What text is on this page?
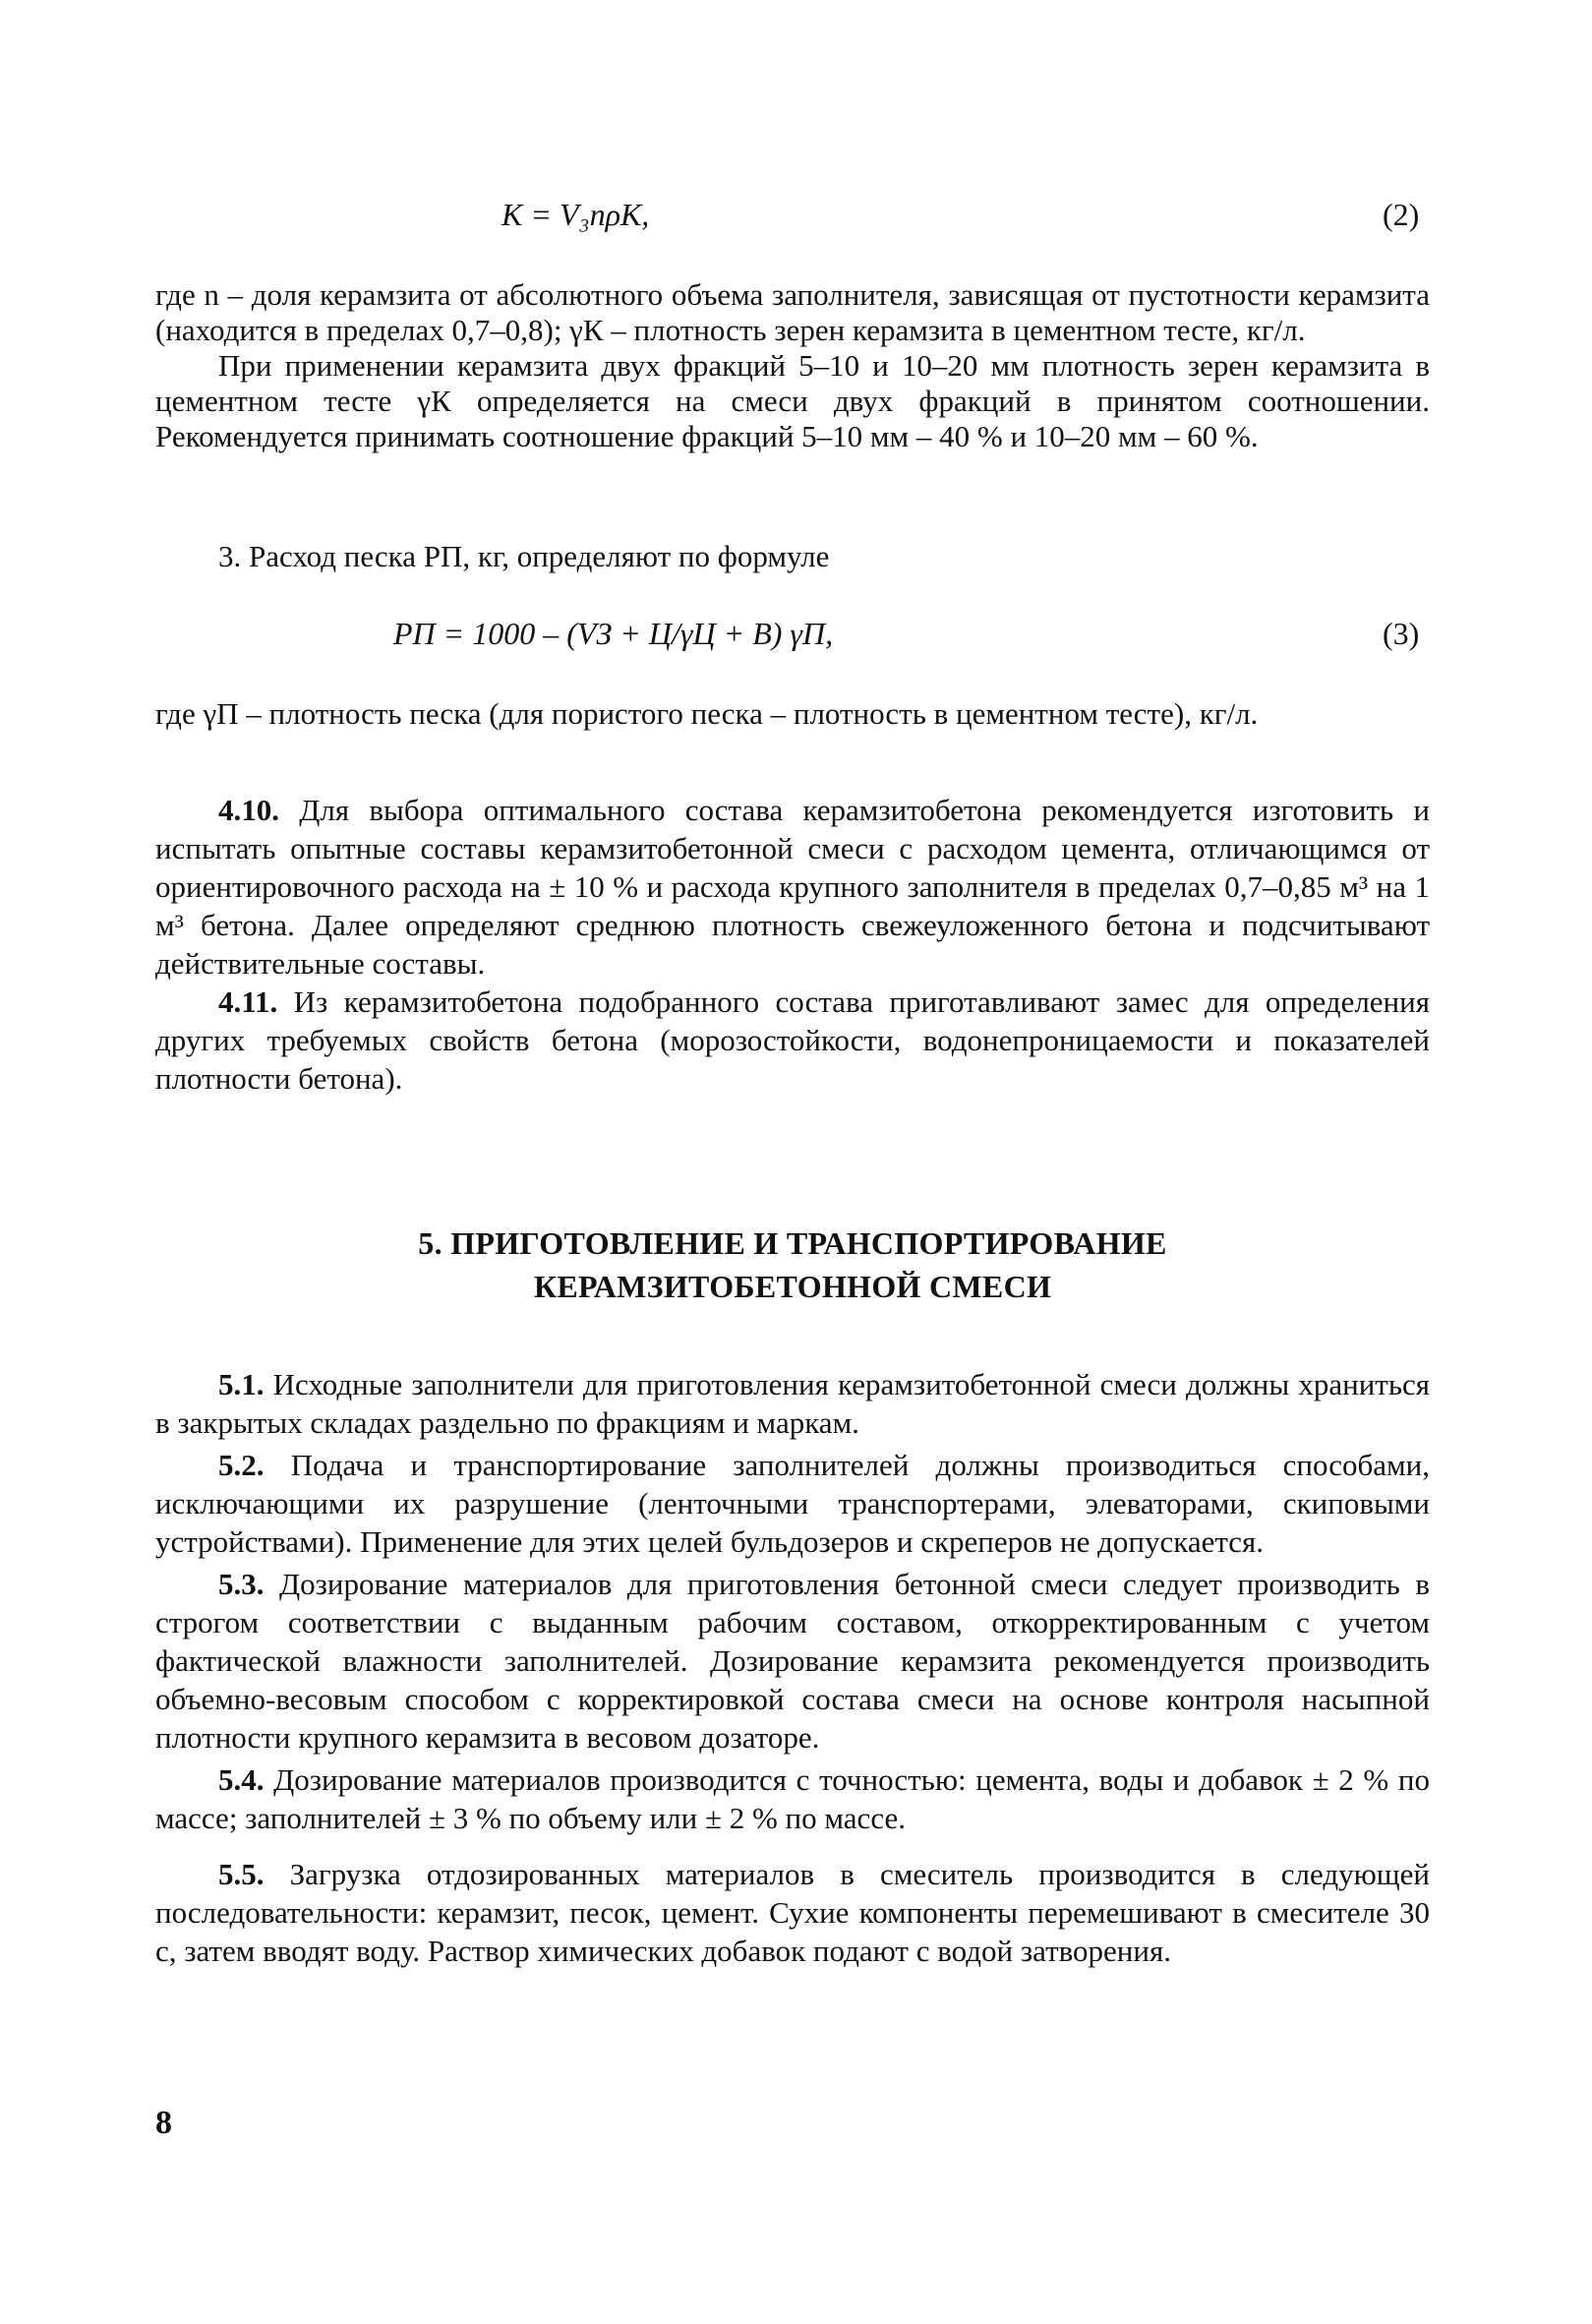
K = V₃nρК,	(2)

где n – доля керамзита от абсолютного объема заполнителя, зависящая от пустотности керамзита (находится в пределах 0,7–0,8); γК – плотность зерен керамзита в цементном тесте, кг/л.

При применении керамзита двух фракций 5–10 и 10–20 мм плотность зерен керамзита в цементном тесте γК определяется на смеси двух фракций в принятом соотношении. Рекомендуется принимать соотношение фракций 5–10 мм – 40 % и 10–20 мм – 60 %.

3. Расход песка PП, кг, определяют по формуле

PП = 1000 – (VЗ + Ц/γЦ + В) γП,	(3)

где γП – плотность песка (для пористого песка – плотность в цементном тесте), кг/л.

4.10. Для выбора оптимального состава керамзитобетона рекомендуется изготовить и испытать опытные составы керамзитобетонной смеси с расходом цемента, отличающимся от ориентировочного расхода на ± 10 % и расхода крупного заполнителя в пределах 0,7–0,85 м³ на 1 м³ бетона. Далее определяют среднюю плотность свежеуложенного бетона и подсчитывают действительные составы.

4.11. Из керамзитобетона подобранного состава приготавливают замес для определения других требуемых свойств бетона (морозостойкости, водонепроницаемости и показателей плотности бетона).

5. ПРИГОТОВЛЕНИЕ И ТРАНСПОРТИРОВАНИЕ
КЕРАМЗИТОБЕТОННОЙ СМЕСИ

5.1. Исходные заполнители для приготовления керамзитобетонной смеси должны храниться в закрытых складах раздельно по фракциям и маркам.

5.2. Подача и транспортирование заполнителей должны производиться способами, исключающими их разрушение (ленточными транспортерами, элеваторами, скиповыми устройствами). Применение для этих целей бульдозеров и скреперов не допускается.

5.3. Дозирование материалов для приготовления бетонной смеси следует производить в строгом соответствии с выданным рабочим составом, откорректированным с учетом фактической влажности заполнителей. Дозирование керамзита рекомендуется производить объемно-весовым способом с корректировкой состава смеси на основе контроля насыпной плотности крупного керамзита в весовом дозаторе.

5.4. Дозирование материалов производится с точностью: цемента, воды и добавок ± 2 % по массе; заполнителей ± 3 % по объему или ± 2 % по массе.

5.5. Загрузка отдозированных материалов в смеситель производится в следующей последовательности: керамзит, песок, цемент. Сухие компоненты перемешивают в смесителе 30 с, затем вводят воду. Раствор химических добавок подают с водой затворения.

8
